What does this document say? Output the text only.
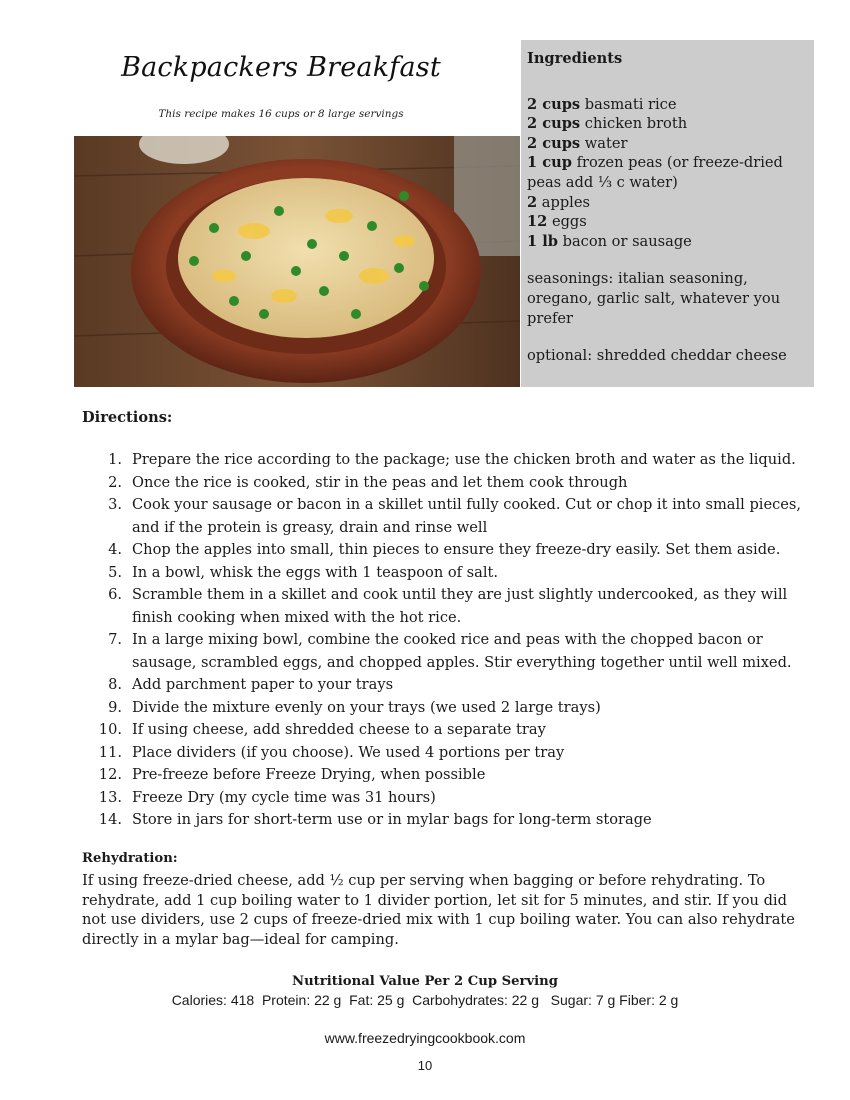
Backpackers Breakfast
This recipe makes 16 cups or 8 large servings
Ingredients
2 cups basmati rice
2 cups chicken broth
2 cups water
1 cup frozen peas (or freeze-dried peas add ⅓ c water)
2 apples
12 eggs
1 lb bacon or sausage
seasonings: italian seasoning, oregano, garlic salt, whatever you prefer
optional: shredded cheddar cheese
Directions:
1. Prepare the rice according to the package; use the chicken broth and water as the liquid.
2. Once the rice is cooked, stir in the peas and let them cook through
3. Cook your sausage or bacon in a skillet until fully cooked. Cut or chop it into small pieces, and if the protein is greasy, drain and rinse well
4. Chop the apples into small, thin pieces to ensure they freeze-dry easily. Set them aside.
5. In a bowl, whisk the eggs with 1 teaspoon of salt.
6. Scramble them in a skillet and cook until they are just slightly undercooked, as they will finish cooking when mixed with the hot rice.
7. In a large mixing bowl, combine the cooked rice and peas with the chopped bacon or sausage, scrambled eggs, and chopped apples. Stir everything together until well mixed.
8. Add parchment paper to your trays
9. Divide the mixture evenly on your trays (we used 2 large trays)
10. If using cheese, add shredded cheese to a separate tray
11. Place dividers (if you choose). We used 4 portions per tray
12. Pre-freeze before Freeze Drying, when possible
13. Freeze Dry (my cycle time was 31 hours)
14. Store in jars for short-term use or in mylar bags for long-term storage
Rehydration:
If using freeze-dried cheese, add ½ cup per serving when bagging or before rehydrating. To rehydrate, add 1 cup boiling water to 1 divider portion, let sit for 5 minutes, and stir. If you did not use dividers, use 2 cups of freeze-dried mix with 1 cup boiling water. You can also rehydrate directly in a mylar bag—ideal for camping.
Nutritional Value Per 2 Cup Serving
Calories: 418  Protein: 22 g  Fat: 25 g  Carbohydrates: 22 g   Sugar: 7 g Fiber: 2 g
www.freezedryingcookbook.com
10
